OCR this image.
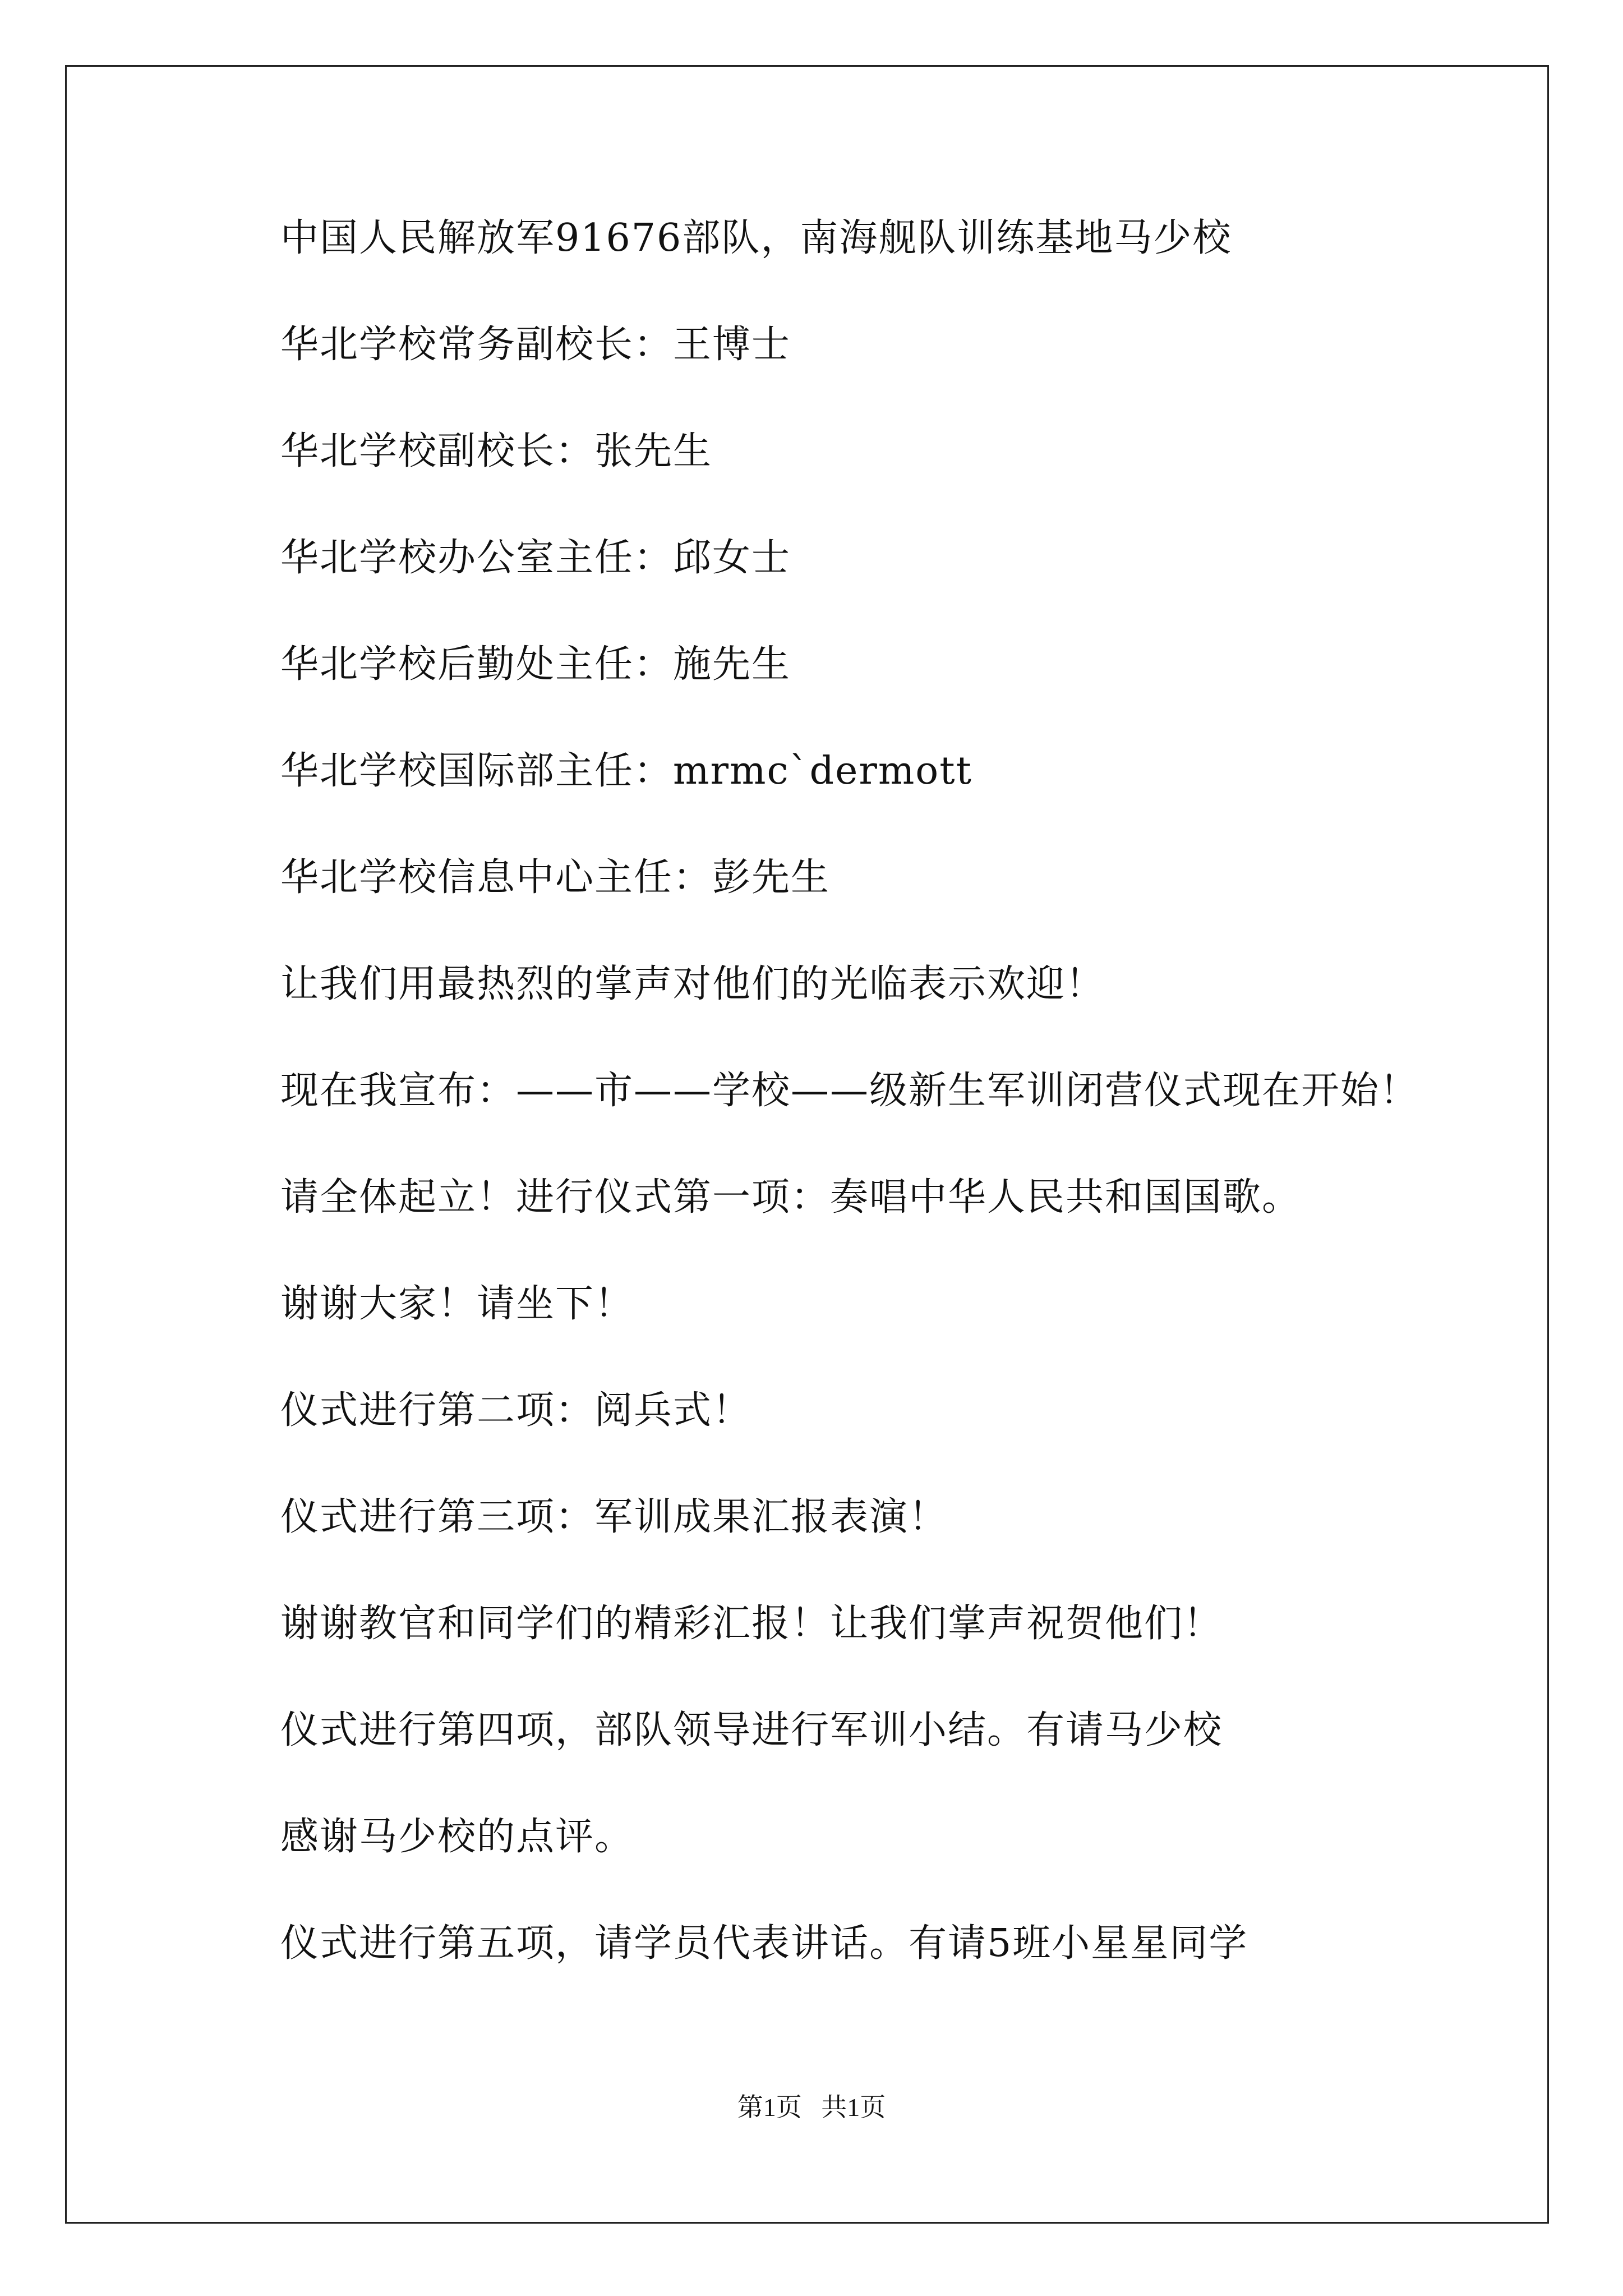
中国人民解放军91676部队，南海舰队训练基地马少校
华北学校常务副校长：王博士
华北学校副校长：张先生
华北学校办公室主任：邱女士
华北学校后勤处主任：施先生
华北学校国际部主任：mrmc`dermott
华北学校信息中心主任：彭先生
让我们用最热烈的掌声对他们的光临表示欢迎！
现在我宣布：——市——学校——级新生军训闭营仪式现在开始！
请全体起立！进行仪式第一项：奏唱中华人民共和国国歌。
谢谢大家！请坐下！
仪式进行第二项：阅兵式！
仪式进行第三项：军训成果汇报表演！
谢谢教官和同学们的精彩汇报！让我们掌声祝贺他们！
仪式进行第四项，部队领导进行军训小结。有请马少校
感谢马少校的点评。
仪式进行第五项，请学员代表讲话。有请5班小星星同学
第1页   共1页
